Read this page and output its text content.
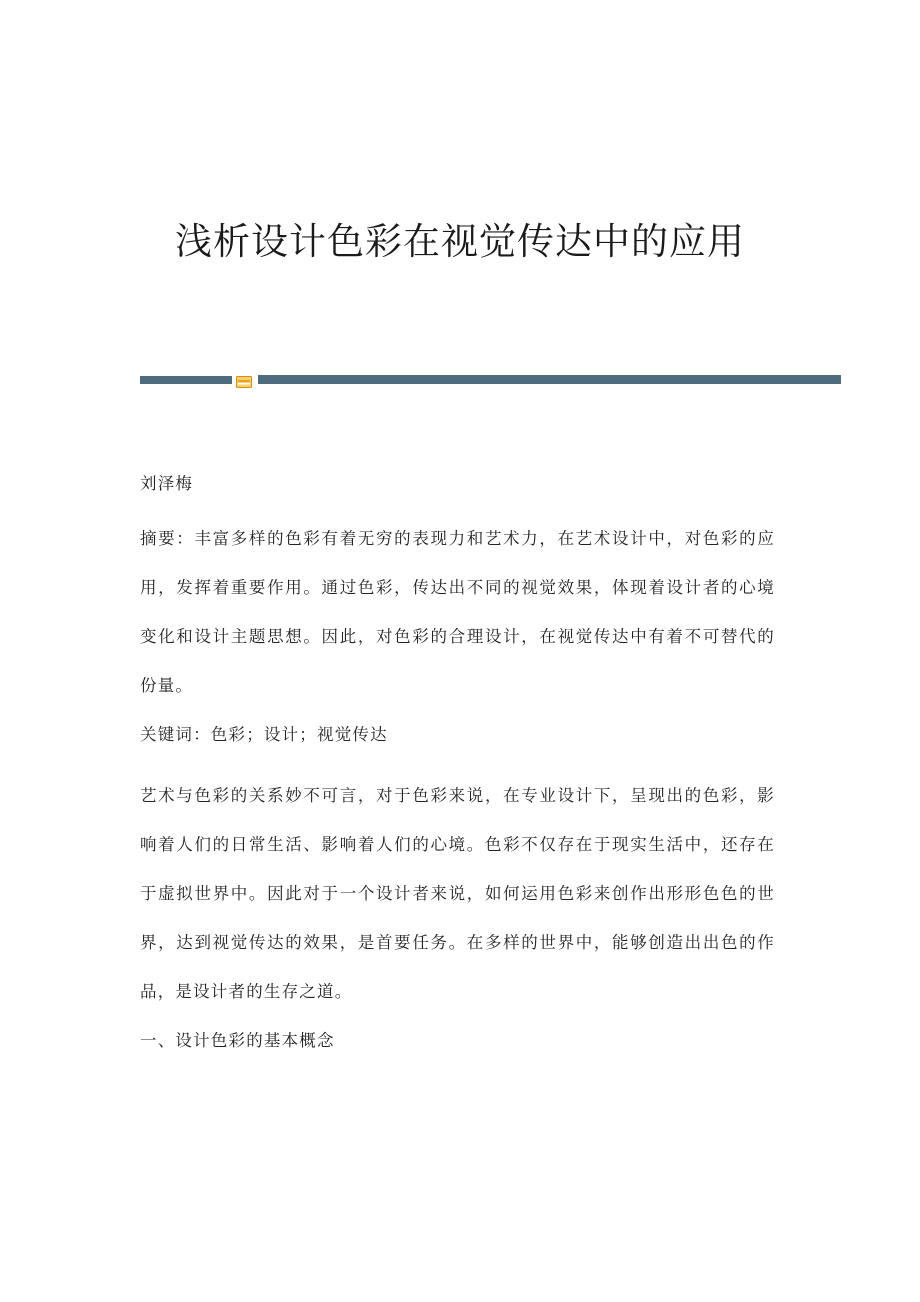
浅析设计色彩在视觉传达中的应用

刘泽梅

摘要：丰富多样的色彩有着无穷的表现力和艺术力，在艺术设计中，对色彩的应用，发挥着重要作用。通过色彩，传达出不同的视觉效果，体现着设计者的心境变化和设计主题思想。因此，对色彩的合理设计，在视觉传达中有着不可替代的份量。

关键词：色彩；设计；视觉传达

艺术与色彩的关系妙不可言，对于色彩来说，在专业设计下，呈现出的色彩，影响着人们的日常生活、影响着人们的心境。色彩不仅存在于现实生活中，还存在于虚拟世界中。因此对于一个设计者来说，如何运用色彩来创作出形形色色的世界，达到视觉传达的效果，是首要任务。在多样的世界中，能够创造出出色的作品，是设计者的生存之道。

一、设计色彩的基本概念
